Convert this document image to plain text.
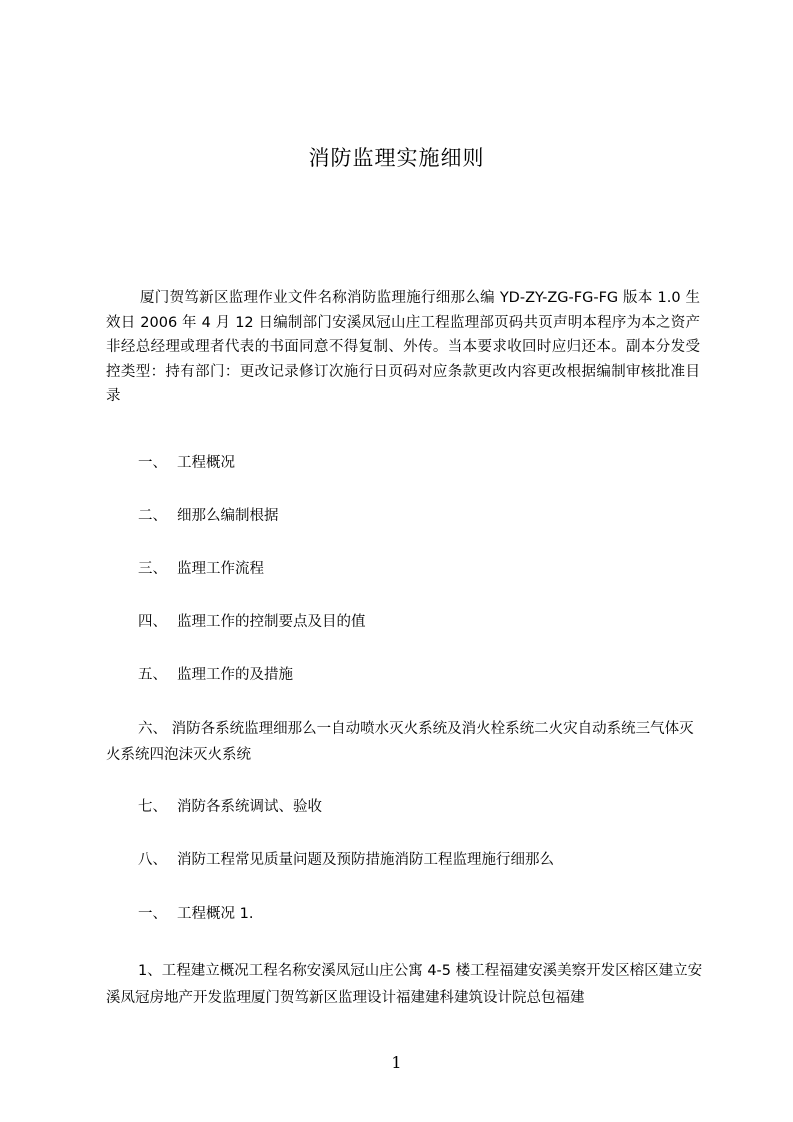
消防监理实施细则
厦门贺笃新区监理作业文件名称消防监理施行细那么编 YD-ZY-ZG-FG-FG 版本 1.0 生效日 2006 年 4 月 12 日编制部门安溪凤冠山庄工程监理部页码共页声明本程序为本之资产非经总经理或理者代表的书面同意不得复制、外传。当本要求收回时应归还本。副本分发受控类型：持有部门：更改记录修订次施行日页码对应条款更改内容更改根据编制审核批准目录
一、 工程概况
二、 细那么编制根据
三、 监理工作流程
四、 监理工作的控制要点及目的值
五、 监理工作的及措施
六、 消防各系统监理细那么一自动喷水灭火系统及消火栓系统二火灾自动系统三气体灭火系统四泡沫灭火系统
七、 消防各系统调试、验收
八、 消防工程常见质量问题及预防措施消防工程监理施行细那么
一、 工程概况 1.
1、工程建立概况工程名称安溪凤冠山庄公寓 4-5 楼工程福建安溪美察开发区榕区建立安溪凤冠房地产开发监理厦门贺笃新区监理设计福建建科建筑设计院总包福建
1
